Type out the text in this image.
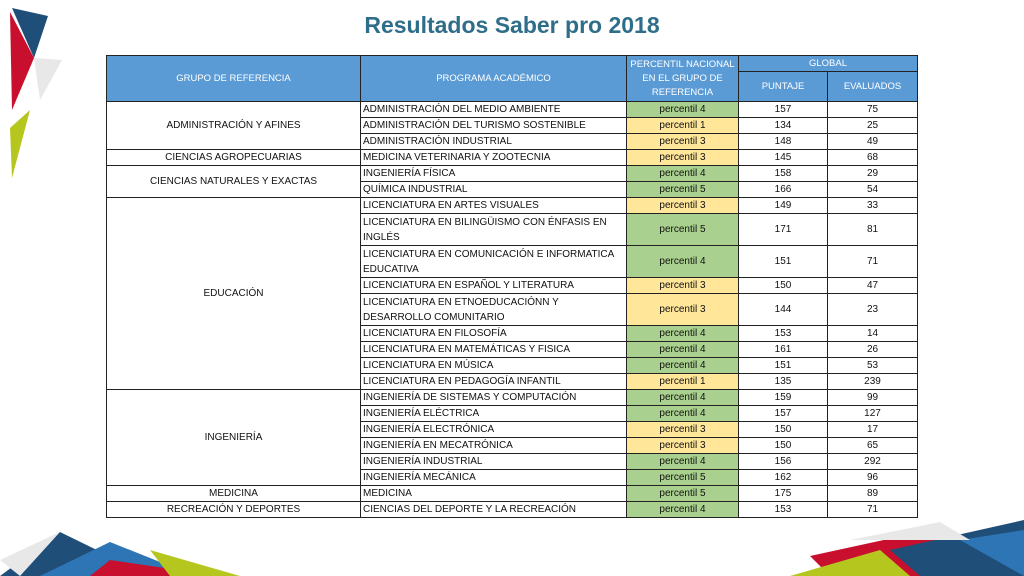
Resultados Saber pro 2018
GRUPO DE REFERENCIA	PROGRAMA ACADÉMICO	PERCENTIL NACIONAL EN EL GRUPO DE REFERENCIA	GLOBAL	
			PUNTAJE	EVALUADOS
ADMINISTRACIÓN Y AFINES	ADMINISTRACIÓN DEL MEDIO AMBIENTE	percentil 4	157	75
	ADMINISTRACIÓN DEL TURISMO SOSTENIBLE	percentil 1	134	25
	ADMINISTRACIÓN INDUSTRIAL	percentil 3	148	49
CIENCIAS AGROPECUARIAS	MEDICINA VETERINARIA Y ZOOTECNIA	percentil 3	145	68
CIENCIAS NATURALES Y EXACTAS	INGENIERÍA FÍSICA	percentil 4	158	29
	QUÍMICA INDUSTRIAL	percentil 5	166	54
EDUCACIÓN	LICENCIATURA EN ARTES VISUALES	percentil 3	149	33
	LICENCIATURA EN BILINGÜISMO CON ÉNFASIS EN INGLÉS	percentil 5	171	81
	LICENCIATURA EN COMUNICACIÓN E INFORMATICA EDUCATIVA	percentil 4	151	71
	LICENCIATURA EN ESPAÑOL Y LITERATURA	percentil 3	150	47
	LICENCIATURA EN ETNOEDUCACIÓNN Y DESARROLLO COMUNITARIO	percentil 3	144	23
	LICENCIATURA EN FILOSOFÍA	percentil 4	153	14
	LICENCIATURA EN MATEMÁTICAS Y FISICA	percentil 4	161	26
	LICENCIATURA EN MÚSICA	percentil 4	151	53
	LICENCIATURA EN PEDAGOGÍA INFANTIL	percentil 1	135	239
INGENIERÍA	INGENIERÍA DE SISTEMAS Y COMPUTACIÓN	percentil 4	159	99
	INGENIERÍA ELÉCTRICA	percentil 4	157	127
	INGENIERÍA ELECTRÓNICA	percentil 3	150	17
	INGENIERÍA EN MECATRÓNICA	percentil 3	150	65
	INGENIERÍA INDUSTRIAL	percentil 4	156	292
	INGENIERÍA MECÁNICA	percentil 5	162	96
MEDICINA	MEDICINA	percentil 5	175	89
RECREACIÓN Y DEPORTES	CIENCIAS DEL DEPORTE Y LA RECREACIÓN	percentil 4	153	71
